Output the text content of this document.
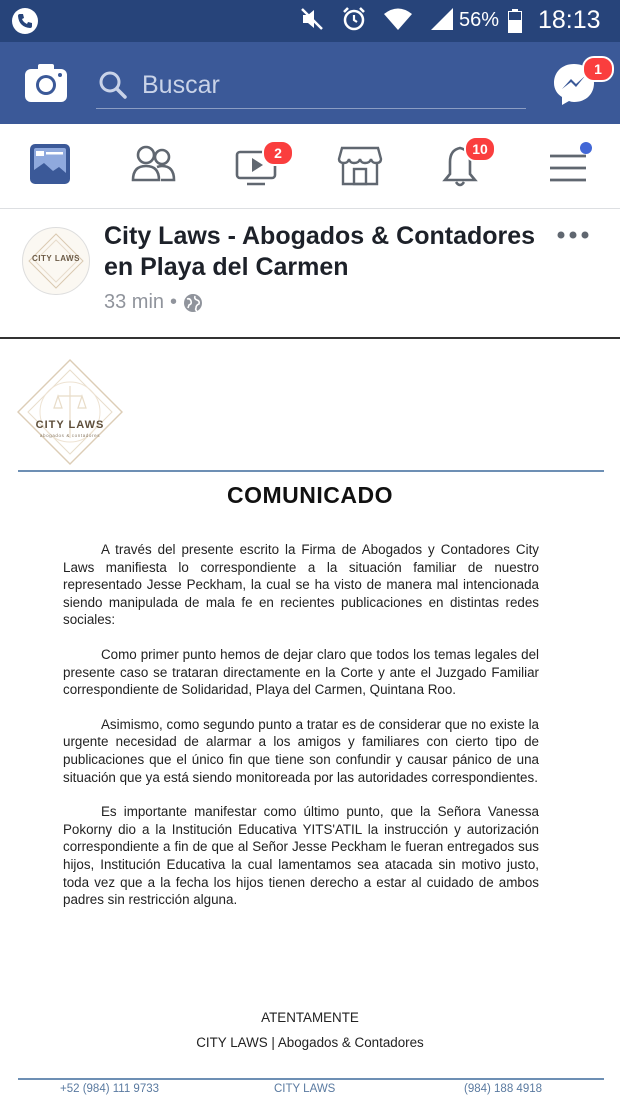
56% 18:13
Buscar
1
2	10
CITY LAWS
City Laws - Abogados & Contadores en Playa del Carmen
33 min •
CITY LAWS
abogados & contadores
COMUNICADO

A través del presente escrito la Firma de Abogados y Contadores City Laws manifiesta lo correspondiente a la situación familiar de nuestro representado Jesse Peckham, la cual se ha visto de manera mal intencionada siendo manipulada de mala fe en recientes publicaciones en distintas redes sociales:

Como primer punto hemos de dejar claro que todos los temas legales del presente caso se trataran directamente en la Corte y ante el Juzgado Familiar correspondiente de Solidaridad, Playa del Carmen, Quintana Roo.

Asimismo, como segundo punto a tratar es de considerar que no existe la urgente necesidad de alarmar a los amigos y familiares con cierto tipo de publicaciones que el único fin que tiene son confundir y causar pánico de una situación que ya está siendo monitoreada por las autoridades correspondientes.

Es importante manifestar como último punto, que la Señora Vanessa Pokorny dio a la Institución Educativa YITS'ATIL la instrucción y autorización correspondiente a fin de que al Señor Jesse Peckham le fueran entregados sus hijos, Institución Educativa la cual lamentamos sea atacada sin motivo justo, toda vez que a la fecha los hijos tienen derecho a estar al cuidado de ambos padres sin restricción alguna.

ATENTAMENTE
CITY LAWS | Abogados & Contadores
+52 (984) 111 9733	CITY LAWS	(984) 188 4918
